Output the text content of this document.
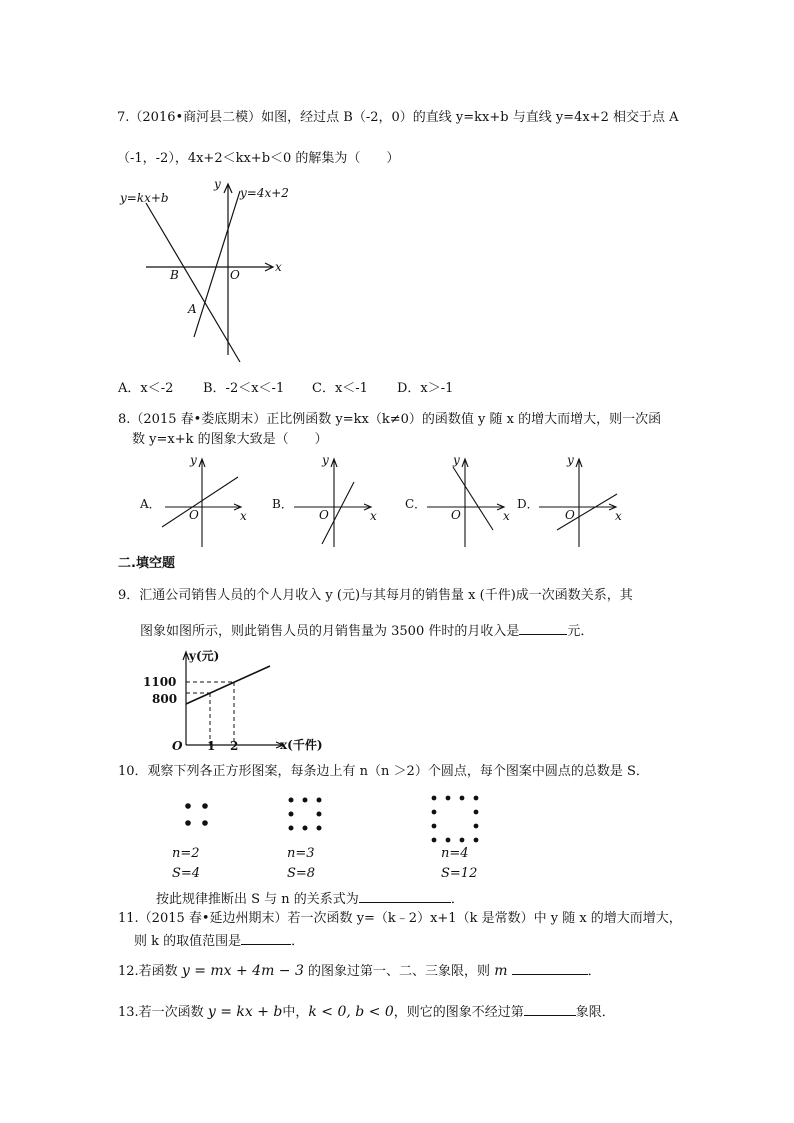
7.（2016•商河县二模）如图，经过点 B（-2，0）的直线 y=kx+b 与直线 y=4x+2 相交于点 A
（-1，-2），4x+2＜kx+b＜0 的解集为（　　）
y=kx+b	y=4x+2
y
x
O
B
A
A．x＜-2 B．-2＜x＜-1 C．x＜-1 D．x＞-1
8.（2015 春•娄底期末）正比例函数 y=kx（k≠0）的函数值 y 随 x 的增大而增大，则一次函
数 y=x+k 的图象大致是（　　）
A．
y
x
O
B．
y
x
O
C．
y
x
O
D．
y
x
O
二.填空题
9．汇通公司销售人员的个人月收入 y (元)与其每月的销售量 x (千件)成一次函数关系，其
图象如图所示，则此销售人员的月销售量为 3500 件时的月收入是	元．
y(元)
1100
800
O 1 2	x(千件)
10．观察下列各正方形图案，每条边上有 n（n ＞2）个圆点，每个图案中圆点的总数是 S．
n=2
S=4
n=3
S=8
n=4
S=12
按此规律推断出 S 与 n 的关系式为	．
11.（2015 春•延边州期末）若一次函数 y=（k﹣2）x+1（k 是常数）中 y 随 x 的增大而增大，
则 k 的取值范围是	．
12.若函数 y = mx + 4m − 3 的图象过第一、二、三象限，则 m	．
13.若一次函数 y = kx + b中，k < 0, b < 0，则它的图象不经过第	象限．
